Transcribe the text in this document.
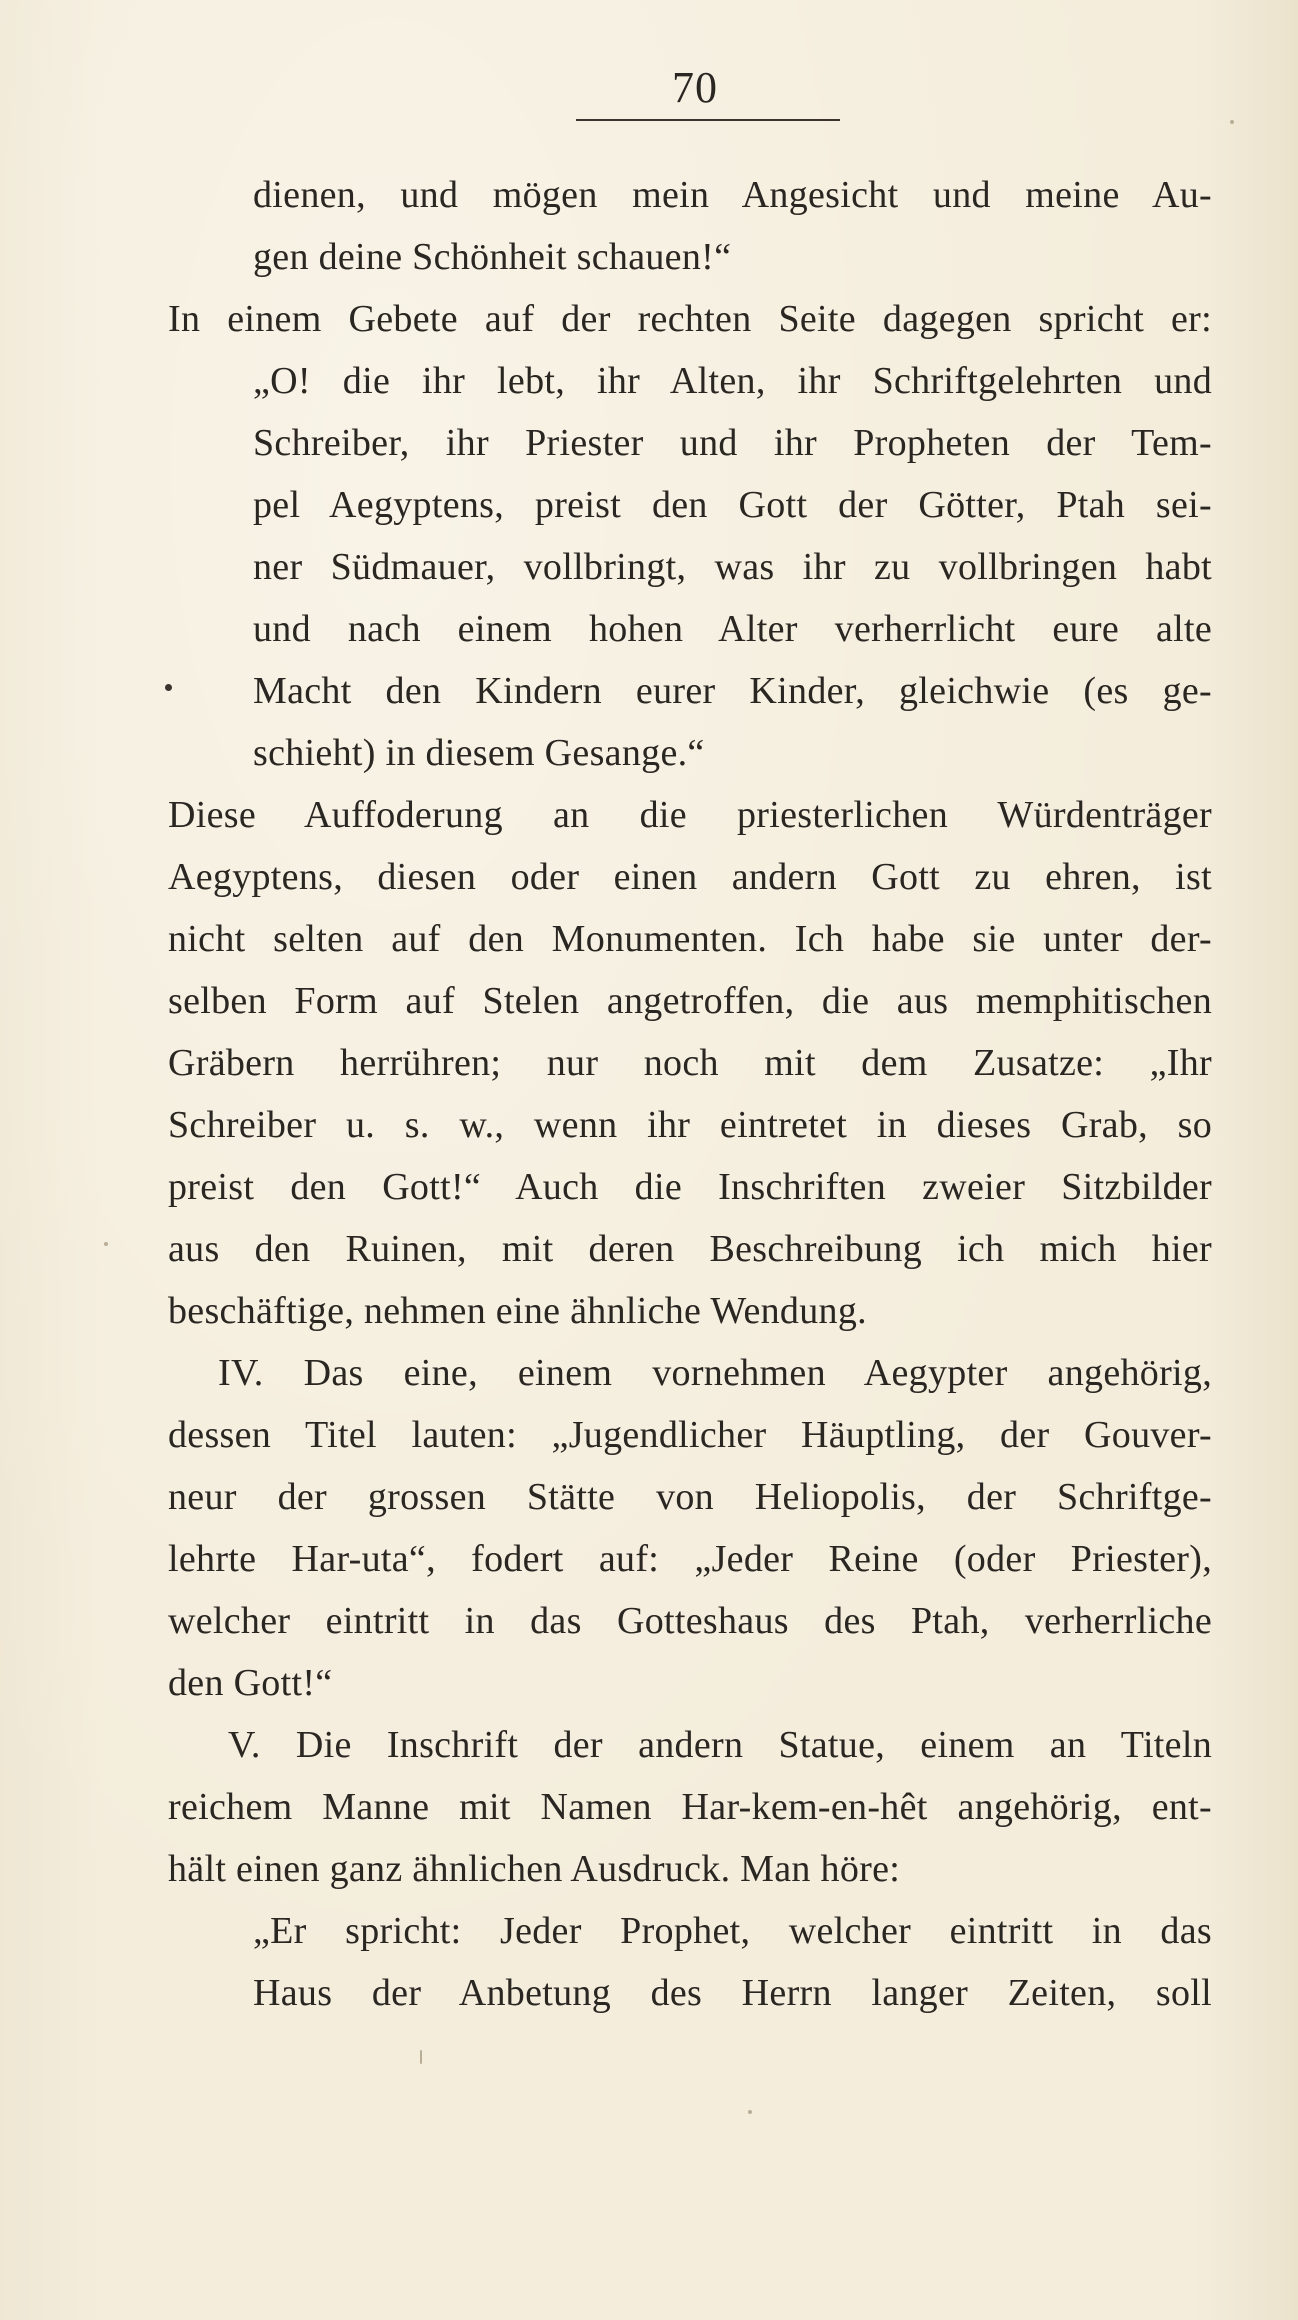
70
dienen, und mögen mein Angesicht und meine Au-
gen deine Schönheit schauen!“
In einem Gebete auf der rechten Seite dagegen spricht er:
„O! die ihr lebt, ihr Alten, ihr Schriftgelehrten und
Schreiber, ihr Priester und ihr Propheten der Tem-
pel Aegyptens, preist den Gott der Götter, Ptah sei-
ner Südmauer, vollbringt, was ihr zu vollbringen habt
und nach einem hohen Alter verherrlicht eure alte
Macht den Kindern eurer Kinder, gleichwie (es ge-
schieht) in diesem Gesange.“
Diese Auffoderung an die priesterlichen Würdenträger
Aegyptens, diesen oder einen andern Gott zu ehren, ist
nicht selten auf den Monumenten. Ich habe sie unter der-
selben Form auf Stelen angetroffen, die aus memphitischen
Gräbern herrühren; nur noch mit dem Zusatze: „Ihr
Schreiber u. s. w., wenn ihr eintretet in dieses Grab, so
preist den Gott!“ Auch die Inschriften zweier Sitzbilder
aus den Ruinen, mit deren Beschreibung ich mich hier
beschäftige, nehmen eine ähnliche Wendung.
IV. Das eine, einem vornehmen Aegypter angehörig,
dessen Titel lauten: „Jugendlicher Häuptling, der Gouver-
neur der grossen Stätte von Heliopolis, der Schriftge-
lehrte Har-uta“, fodert auf: „Jeder Reine (oder Priester),
welcher eintritt in das Gotteshaus des Ptah, verherrliche
den Gott!“
V. Die Inschrift der andern Statue, einem an Titeln
reichem Manne mit Namen Har-kem-en-hêt angehörig, ent-
hält einen ganz ähnlichen Ausdruck. Man höre:
„Er spricht: Jeder Prophet, welcher eintritt in das
Haus der Anbetung des Herrn langer Zeiten, soll
